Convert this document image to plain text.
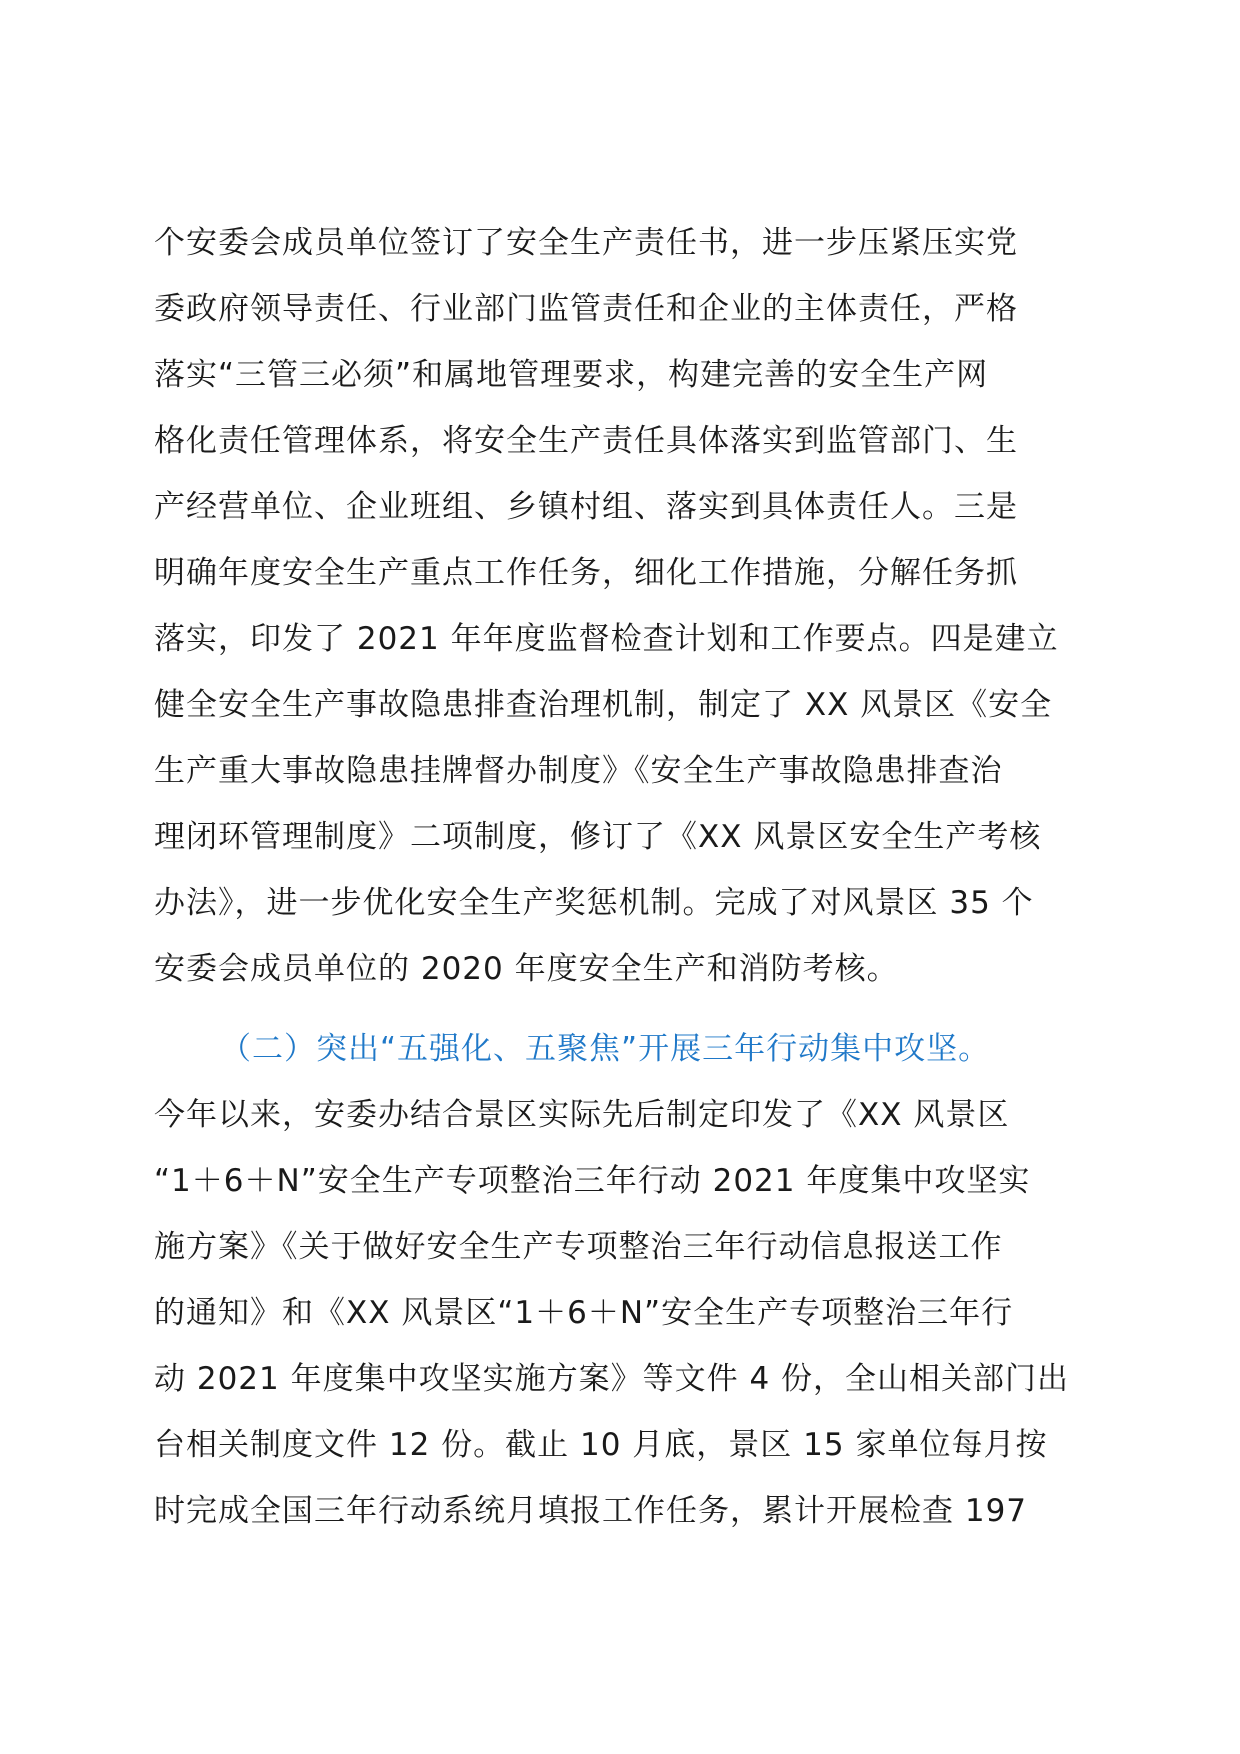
个安委会成员单位签订了安全生产责任书，进一步压紧压实党
委政府领导责任、行业部门监管责任和企业的主体责任，严格
落实“三管三必须”和属地管理要求，构建完善的安全生产网
格化责任管理体系，将安全生产责任具体落实到监管部门、生
产经营单位、企业班组、乡镇村组、落实到具体责任人。三是
明确年度安全生产重点工作任务，细化工作措施，分解任务抓
落实，印发了 2021 年年度监督检查计划和工作要点。四是建立
健全安全生产事故隐患排查治理机制，制定了 XX 风景区《安全
生产重大事故隐患挂牌督办制度》《安全生产事故隐患排查治
理闭环管理制度》二项制度，修订了《XX 风景区安全生产考核
办法》，进一步优化安全生产奖惩机制。完成了对风景区 35 个
安委会成员单位的 2020 年度安全生产和消防考核。
（二）突出“五强化、五聚焦”开展三年行动集中攻坚。
今年以来，安委办结合景区实际先后制定印发了《XX 风景区
“1＋6＋N”安全生产专项整治三年行动 2021 年度集中攻坚实
施方案》《关于做好安全生产专项整治三年行动信息报送工作
的通知》和《XX 风景区“1＋6＋N”安全生产专项整治三年行
动 2021 年度集中攻坚实施方案》等文件 4 份，全山相关部门出
台相关制度文件 12 份。截止 10 月底，景区 15 家单位每月按
时完成全国三年行动系统月填报工作任务，累计开展检查 197
